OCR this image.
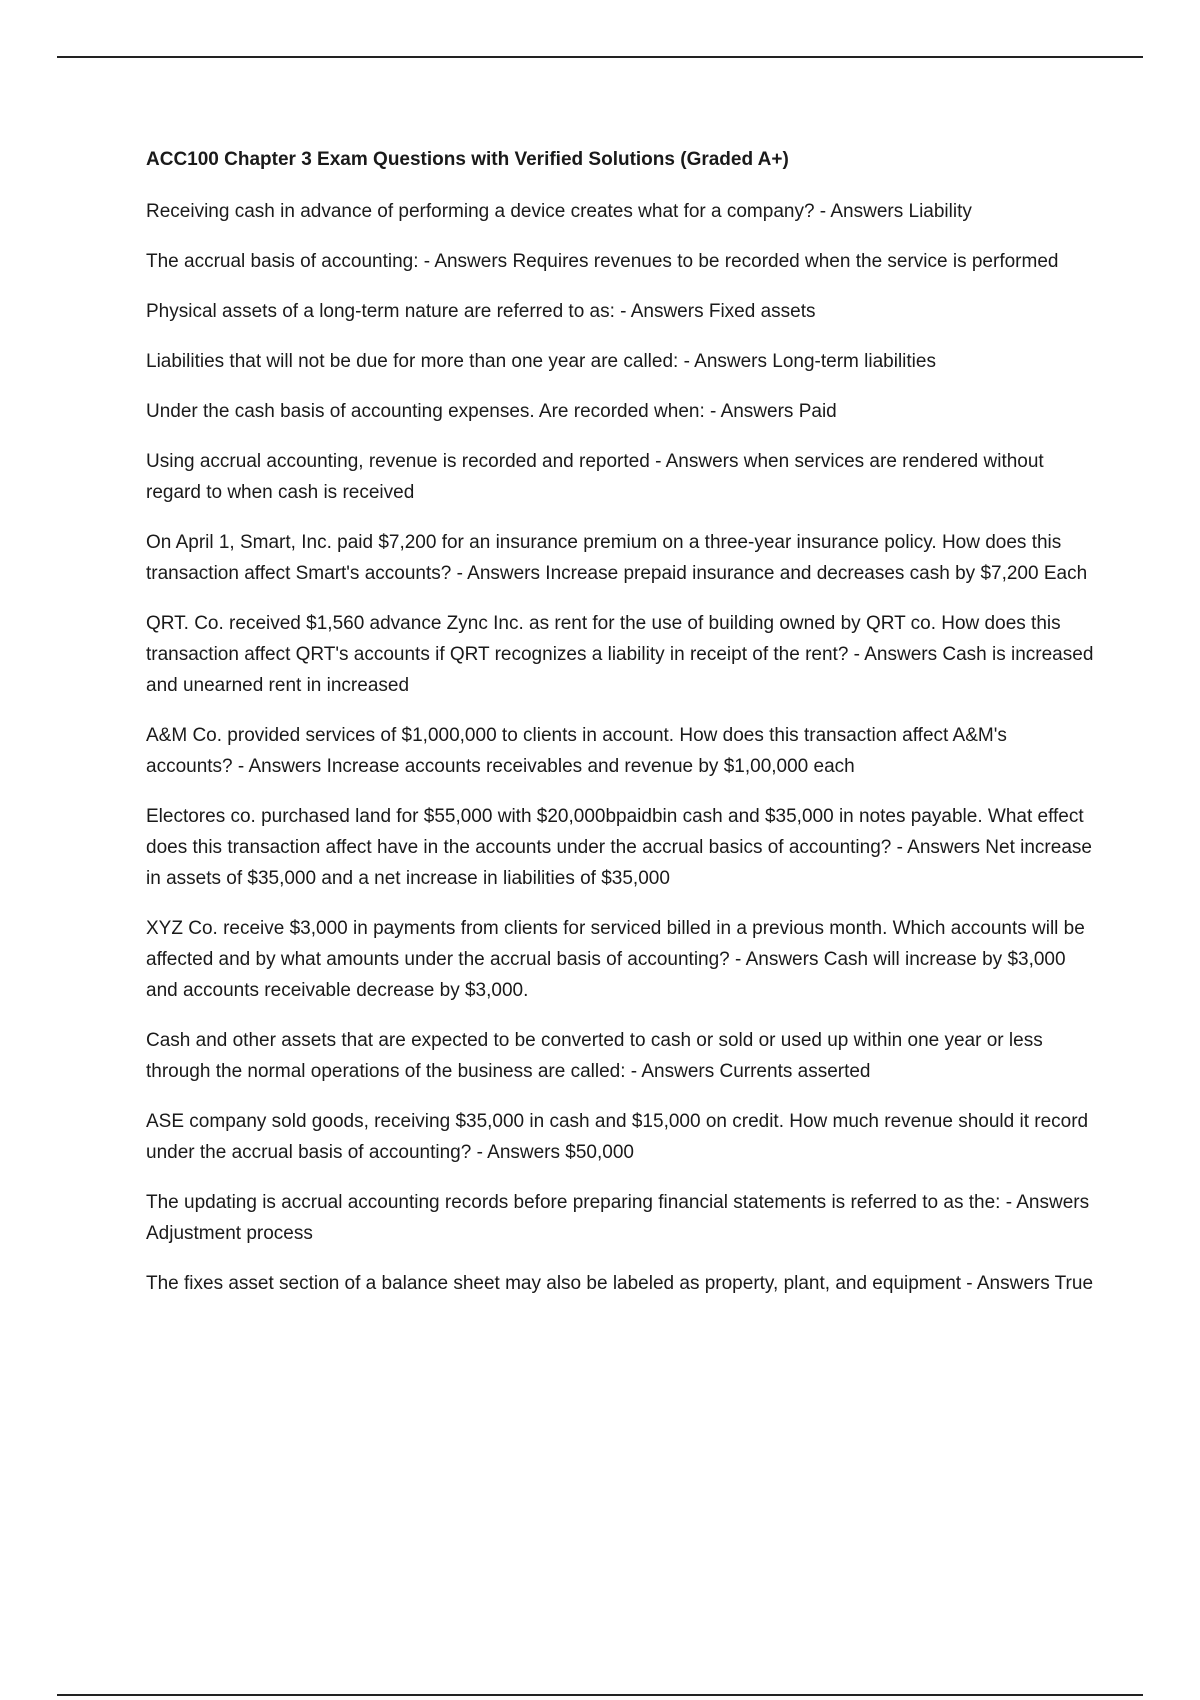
ACC100 Chapter 3 Exam Questions with Verified Solutions (Graded A+)

Receiving cash in advance of performing a device creates what for a company? - Answers Liability

The accrual basis of accounting: - Answers Requires revenues to be recorded when the service is performed

Physical assets of a long-term nature are referred to as: - Answers Fixed assets

Liabilities that will not be due for more than one year are called: - Answers Long-term liabilities

Under the cash basis of accounting expenses. Are recorded when: - Answers Paid

Using accrual accounting, revenue is recorded and reported - Answers when services are rendered without regard to when cash is received

On April 1, Smart, Inc. paid $7,200 for an insurance premium on a three-year insurance policy. How does this transaction affect Smart's accounts? - Answers Increase prepaid insurance and decreases cash by $7,200 Each

QRT. Co. received $1,560 advance Zync Inc. as rent for the use of building owned by QRT co. How does this transaction affect QRT's accounts if QRT recognizes a liability in receipt of the rent? - Answers Cash is increased and unearned rent in increased

A&M Co. provided services of $1,000,000 to clients in account. How does this transaction affect A&M's accounts? - Answers Increase accounts receivables and revenue by $1,00,000 each

Electores co. purchased land for $55,000 with $20,000bpaidbin cash and $35,000 in notes payable. What effect does this transaction affect have in the accounts under the accrual basics of accounting? - Answers Net increase in assets of $35,000 and a net increase in liabilities of $35,000

XYZ Co. receive $3,000 in payments from clients for serviced billed in a previous month. Which accounts will be affected and by what amounts under the accrual basis of accounting? - Answers Cash will increase by $3,000 and accounts receivable decrease by $3,000.

Cash and other assets that are expected to be converted to cash or sold or used up within one year or less through the normal operations of the business are called: - Answers Currents asserted

ASE company sold goods, receiving $35,000 in cash and $15,000 on credit. How much revenue should it record under the accrual basis of accounting? - Answers $50,000

The updating is accrual accounting records before preparing financial statements is referred to as the: - Answers Adjustment process

The fixes asset section of a balance sheet may also be labeled as property, plant, and equipment - Answers True
